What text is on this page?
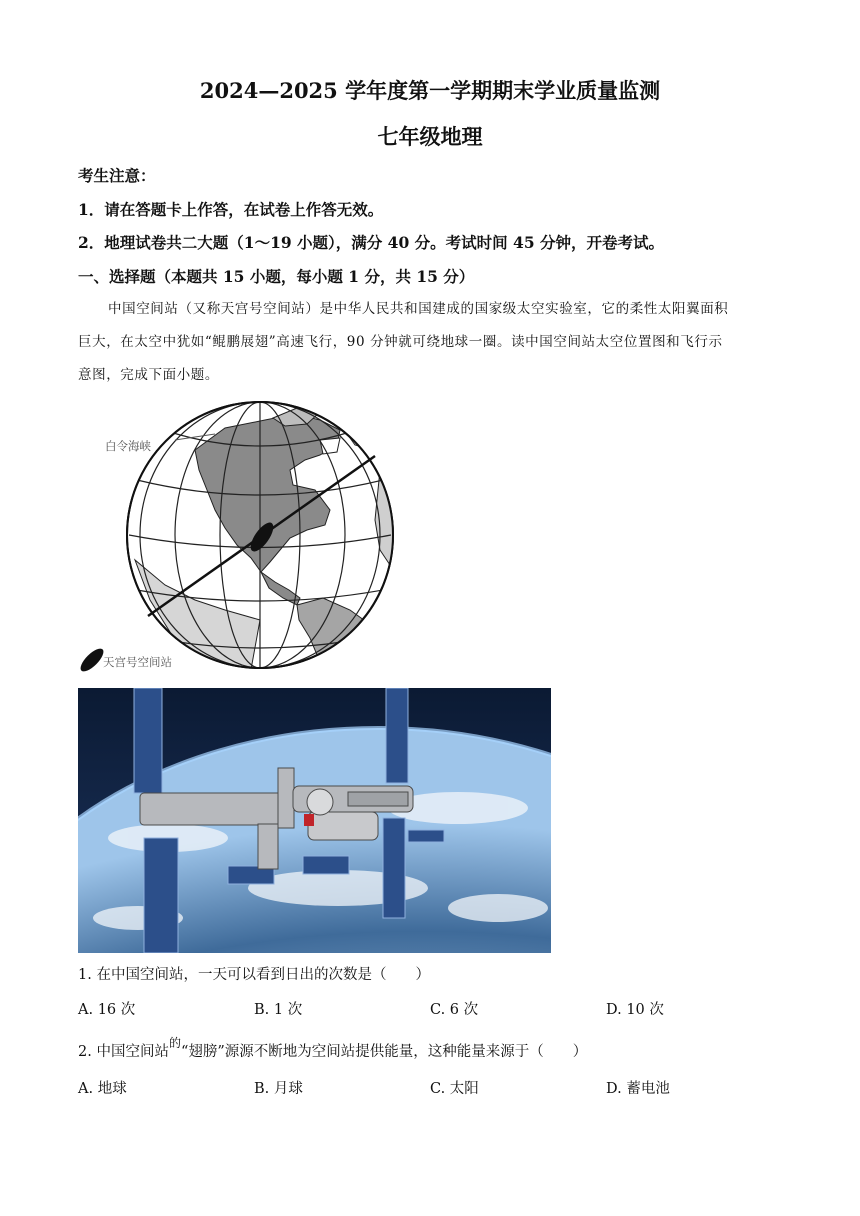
2024—2025 学年度第一学期期末学业质量监测
七年级地理
考生注意：
1．请在答题卡上作答，在试卷上作答无效。
2．地理试卷共二大题（1～19 小题），满分 40 分。考试时间 45 分钟，开卷考试。
一、选择题（本题共 15 小题，每小题 1 分，共 15 分）
中国空间站（又称天宫号空间站）是中华人民共和国建成的国家级太空实验室，它的柔性太阳翼面积
巨大，在太空中犹如“鲲鹏展翅”高速飞行，90 分钟就可绕地球一圈。读中国空间站太空位置图和飞行示
意图，完成下面小题。
白令海峡
天宫号空间站
1. 在中国空间站，一天可以看到日出的次数是（　　）
A. 16 次	B. 1 次	C. 6 次	D. 10 次
2. 中国空间站$^的$“翅膀”源源不断地为空间站提供能量，这种能量来源于（　　）
A. 地球	B. 月球	C. 太阳	D. 蓄电池
